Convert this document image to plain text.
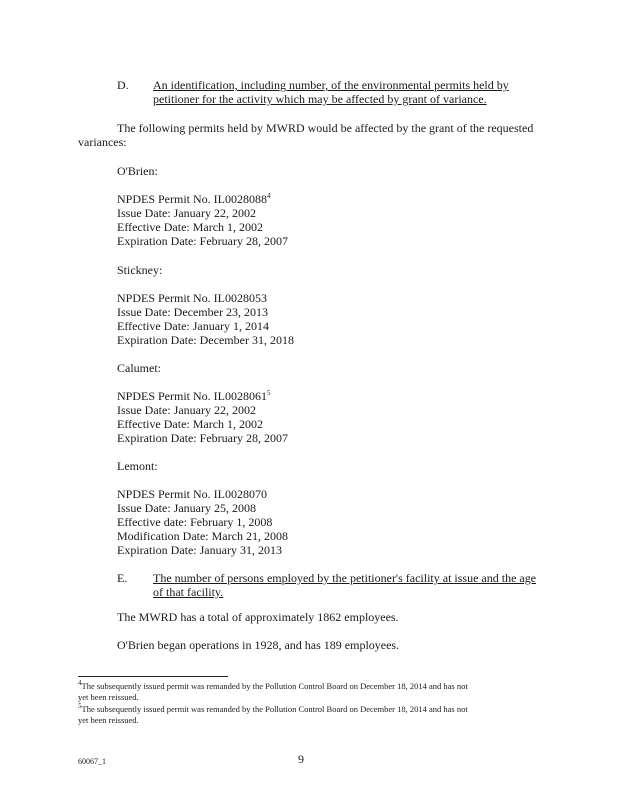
D. An identification, including number, of the environmental permits held by
petitioner for the activity which may be affected by grant of variance.
The following permits held by MWRD would be affected by the grant of the requested
variances:
O'Brien:
NPDES Permit No. IL0028088$^4$
Issue Date: January 22, 2002
Effective Date: March 1, 2002
Expiration Date: February 28, 2007
Stickney:
NPDES Permit No. IL0028053
Issue Date: December 23, 2013
Effective Date: January 1, 2014
Expiration Date: December 31, 2018
Calumet:
NPDES Permit No. IL0028061$^5$
Issue Date: January 22, 2002
Effective Date: March 1, 2002
Expiration Date: February 28, 2007
Lemont:
NPDES Permit No. IL0028070
Issue Date: January 25, 2008
Effective date: February 1, 2008
Modification Date: March 21, 2008
Expiration Date: January 31, 2013
E. The number of persons employed by the petitioner's facility at issue and the age
of that facility.
The MWRD has a total of approximately 1862 employees.
O'Brien began operations in 1928, and has 189 employees.
$^4$The subsequently issued permit was remanded by the Pollution Control Board on December 18, 2014 and has not
yet been reissued.
$^5$The subsequently issued permit was remanded by the Pollution Control Board on December 18, 2014 and has not
yet been reissued.
60067_1	9
